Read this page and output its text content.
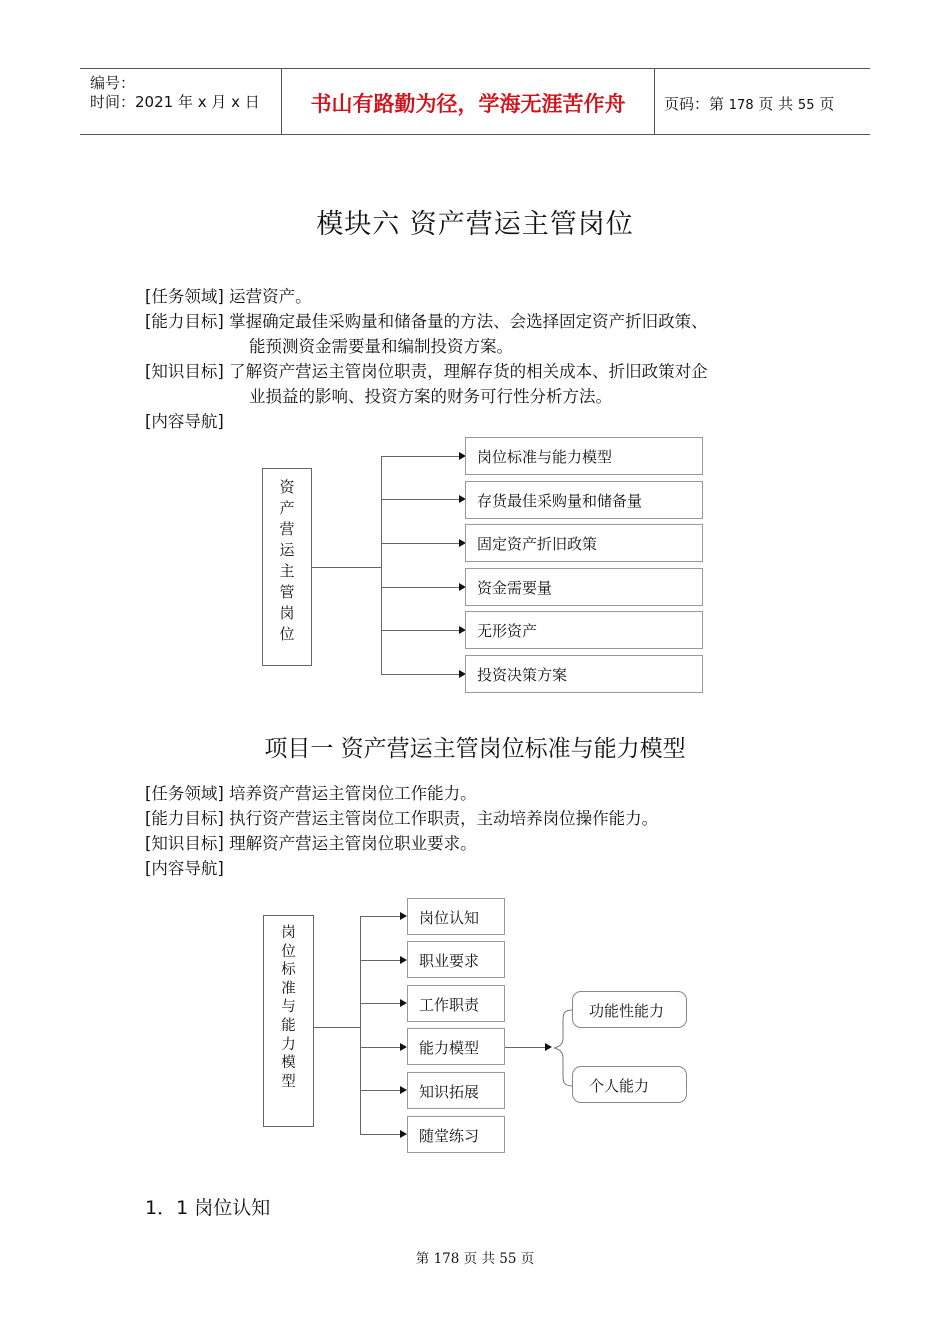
编号：
时间：2021 年 x 月 x 日	书山有路勤为径，学海无涯苦作舟	页码：第 178 页 共 55 页
模块六 资产营运主管岗位
[任务领域] 运营资产。
[能力目标] 掌握确定最佳采购量和储备量的方法、会选择固定资产折旧政策、
能预测资金需要量和编制投资方案。
[知识目标] 了解资产营运主管岗位职责，理解存货的相关成本、折旧政策对企
业损益的影响、投资方案的财务可行性分析方法。
[内容导航]
资
产
营
运
主
管
岗
位
岗位标准与能力模型
存货最佳采购量和储备量
固定资产折旧政策
资金需要量
无形资产
投资决策方案
项目一 资产营运主管岗位标准与能力模型
[任务领域] 培养资产营运主管岗位工作能力。
[能力目标] 执行资产营运主管岗位工作职责，主动培养岗位操作能力。
[知识目标] 理解资产营运主管岗位职业要求。
[内容导航]
岗
位
标
准
与
能
力
模
型
岗位认知
职业要求
工作职责
能力模型
知识拓展
随堂练习
功能性能力
个人能力
1．1 岗位认知
第 178 页 共 55 页
